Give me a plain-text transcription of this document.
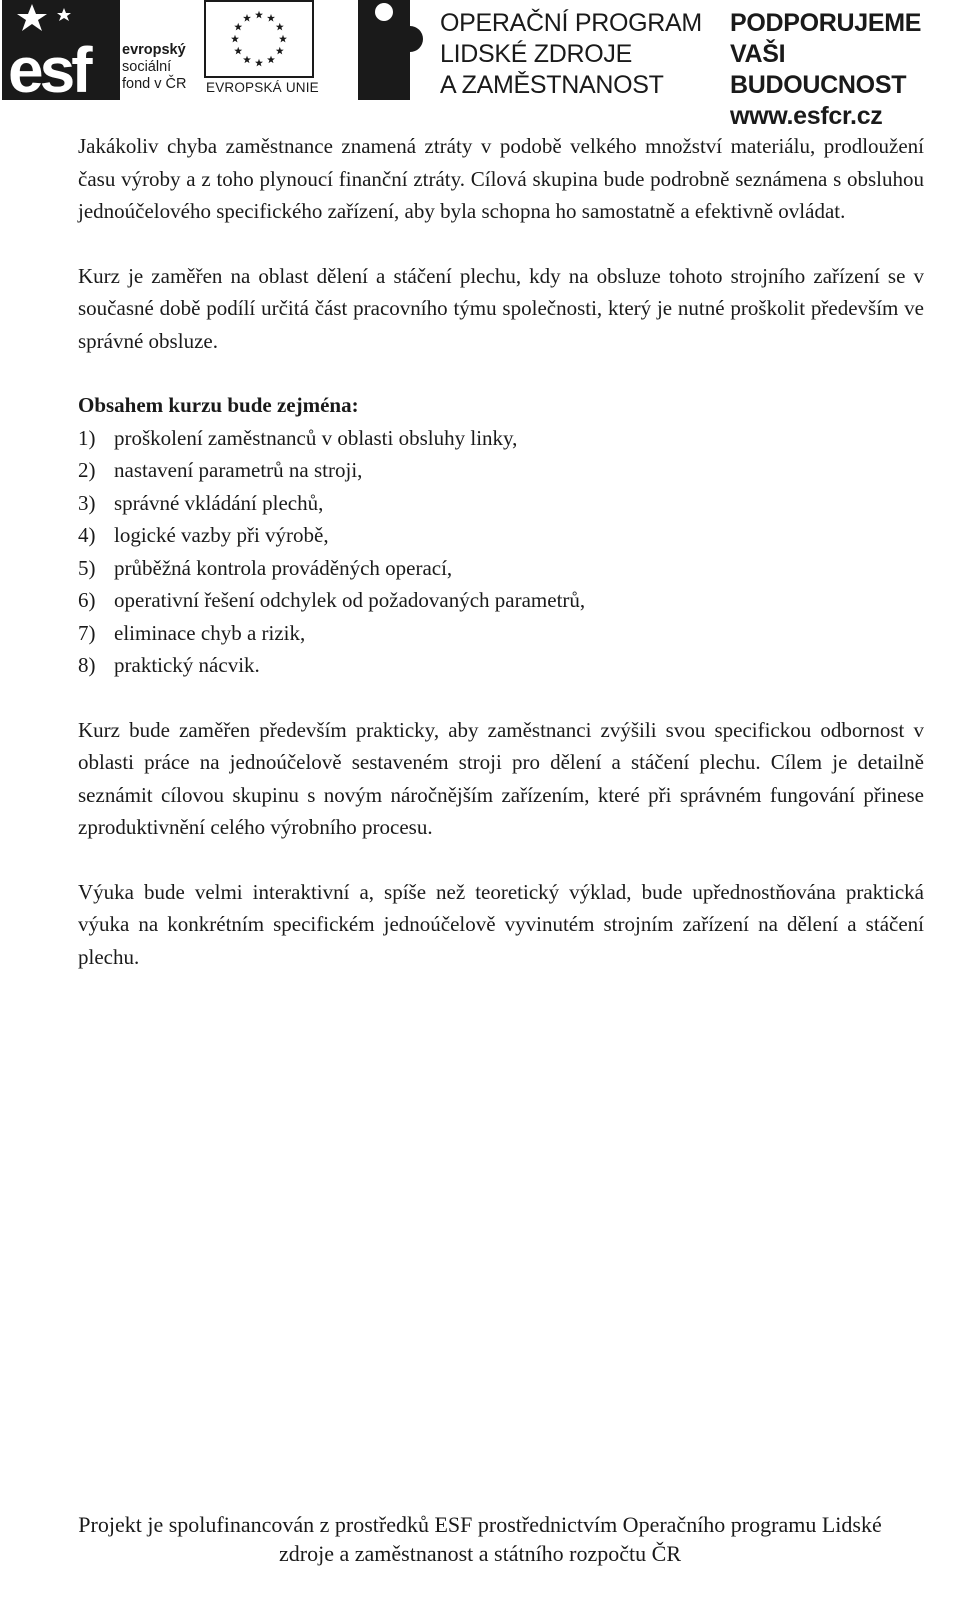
esf	evropský
sociální
fond v ČR EVROPSKÁ UNIE
OPERAČNÍ PROGRAM
LIDSKÉ ZDROJE
A ZAMĚSTNANOST
PODPORUJEME
VAŠI BUDOUCNOST
www.esfcr.cz

Jakákoliv chyba zaměstnance znamená ztráty v podobě velkého množství materiálu, prodloužení času výroby a z toho plynoucí finanční ztráty. Cílová skupina bude podrobně seznámena s obsluhou jednoúčelového specifického zařízení, aby byla schopna ho samostatně a efektivně ovládat.

Kurz je zaměřen na oblast dělení a stáčení plechu, kdy na obsluze tohoto strojního zařízení se v současné době podílí určitá část pracovního týmu společnosti, který je nutné proškolit především ve správné obsluze.

Obsahem kurzu bude zejména:
1) proškolení zaměstnanců v oblasti obsluhy linky,
2) nastavení parametrů na stroji,
3) správné vkládání plechů,
4) logické vazby při výrobě,
5) průběžná kontrola prováděných operací,
6) operativní řešení odchylek od požadovaných parametrů,
7) eliminace chyb a rizik,
8) praktický nácvik.

Kurz bude zaměřen především prakticky, aby zaměstnanci zvýšili svou specifickou odbornost v oblasti práce na jednoúčelově sestaveném stroji pro dělení a stáčení plechu. Cílem je detailně seznámit cílovou skupinu s novým náročnějším zařízením, které při správném fungování přinese zproduktivnění celého výrobního procesu.

Výuka bude velmi interaktivní a, spíše než teoretický výklad, bude upřednostňována praktická výuka na konkrétním specifickém jednoúčelově vyvinutém strojním zařízení na dělení a stáčení plechu.

Projekt je spolufinancován z prostředků ESF prostřednictvím Operačního programu Lidské
zdroje a zaměstnanost a státního rozpočtu ČR
